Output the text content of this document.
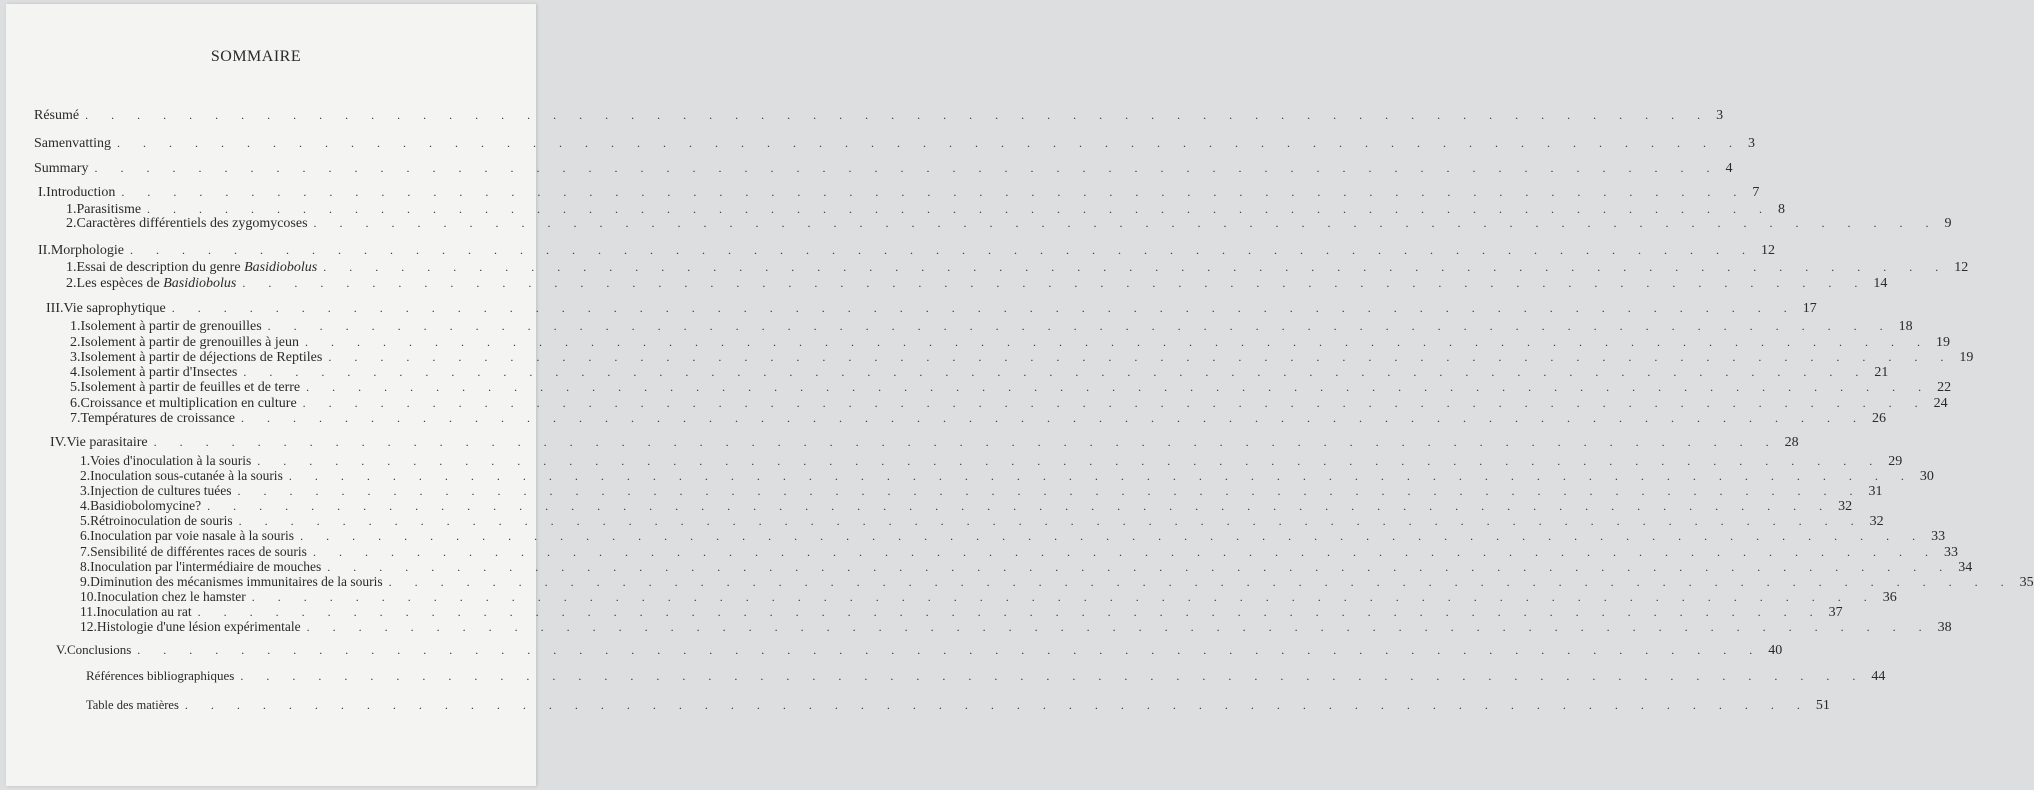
SOMMAIRE
Résumé . . . . . . . . . . . . . . . . . . . . . . . . . . . . . . . . . . . . . . . . . . . . . . . . . . . . . . . . . . . . . . . 3
Samenvatting . . . . . . . . . . . . . . . . . . . . . . . . . . . . . . . . . . . . . . . . . . . . . . . . . . . . . . . . . . . . . . . 3
Summary . . . . . . . . . . . . . . . . . . . . . . . . . . . . . . . . . . . . . . . . . . . . . . . . . . . . . . . . . . . . . . . 4
I. Introduction . . . . . . . . . . . . . . . . . . . . . . . . . . . . . . . . . . . . . . . . . . . . . . . . . . . . . . . . . . . . . . . 7
1. Parasitisme . . . . . . . . . . . . . . . . . . . . . . . . . . . . . . . . . . . . . . . . . . . . . . . . . . . . . . . . . . . . . . . 8
2. Caractères différentiels des zygomycoses . . . . . . . . . . . . . . . . . . . . . . . . . . . . . . . . . . . . . . . . . . . . . . . . . . . . . . . . . . . . . . . 9
II. Morphologie . . . . . . . . . . . . . . . . . . . . . . . . . . . . . . . . . . . . . . . . . . . . . . . . . . . . . . . . . . . . . . . 12
1. Essai de description du genre Basidiobolus . . . . . . . . . . . . . . . . . . . . . . . . . . . . . . . . . . . . . . . . . . . . . . . . . . . . . . . . . . . . . . . 12
2. Les espèces de Basidiobolus . . . . . . . . . . . . . . . . . . . . . . . . . . . . . . . . . . . . . . . . . . . . . . . . . . . . . . . . . . . . . . . 14
III. Vie saprophytique . . . . . . . . . . . . . . . . . . . . . . . . . . . . . . . . . . . . . . . . . . . . . . . . . . . . . . . . . . . . . . . 17
1. Isolement à partir de grenouilles . . . . . . . . . . . . . . . . . . . . . . . . . . . . . . . . . . . . . . . . . . . . . . . . . . . . . . . . . . . . . . . 18
2. Isolement à partir de grenouilles à jeun . . . . . . . . . . . . . . . . . . . . . . . . . . . . . . . . . . . . . . . . . . . . . . . . . . . . . . . . . . . . . . . 19
3. Isolement à partir de déjections de Reptiles . . . . . . . . . . . . . . . . . . . . . . . . . . . . . . . . . . . . . . . . . . . . . . . . . . . . . . . . . . . . . . . 19
4. Isolement à partir d'Insectes . . . . . . . . . . . . . . . . . . . . . . . . . . . . . . . . . . . . . . . . . . . . . . . . . . . . . . . . . . . . . . . 21
5. Isolement à partir de feuilles et de terre . . . . . . . . . . . . . . . . . . . . . . . . . . . . . . . . . . . . . . . . . . . . . . . . . . . . . . . . . . . . . . . 22
6. Croissance et multiplication en culture . . . . . . . . . . . . . . . . . . . . . . . . . . . . . . . . . . . . . . . . . . . . . . . . . . . . . . . . . . . . . . . 24
7. Températures de croissance . . . . . . . . . . . . . . . . . . . . . . . . . . . . . . . . . . . . . . . . . . . . . . . . . . . . . . . . . . . . . . . 26
IV. Vie parasitaire . . . . . . . . . . . . . . . . . . . . . . . . . . . . . . . . . . . . . . . . . . . . . . . . . . . . . . . . . . . . . . . 28
1. Voies d'inoculation à la souris . . . . . . . . . . . . . . . . . . . . . . . . . . . . . . . . . . . . . . . . . . . . . . . . . . . . . . . . . . . . . . . 29
2. Inoculation sous-cutanée à la souris . . . . . . . . . . . . . . . . . . . . . . . . . . . . . . . . . . . . . . . . . . . . . . . . . . . . . . . . . . . . . . . 30
3. Injection de cultures tuées . . . . . . . . . . . . . . . . . . . . . . . . . . . . . . . . . . . . . . . . . . . . . . . . . . . . . . . . . . . . . . . 31
4. Basidiobolomycine? . . . . . . . . . . . . . . . . . . . . . . . . . . . . . . . . . . . . . . . . . . . . . . . . . . . . . . . . . . . . . . . 32
5. Rétroinoculation de souris . . . . . . . . . . . . . . . . . . . . . . . . . . . . . . . . . . . . . . . . . . . . . . . . . . . . . . . . . . . . . . . 32
6. Inoculation par voie nasale à la souris . . . . . . . . . . . . . . . . . . . . . . . . . . . . . . . . . . . . . . . . . . . . . . . . . . . . . . . . . . . . . . . 33
7. Sensibilité de différentes races de souris . . . . . . . . . . . . . . . . . . . . . . . . . . . . . . . . . . . . . . . . . . . . . . . . . . . . . . . . . . . . . . . 33
8. Inoculation par l'intermédiaire de mouches . . . . . . . . . . . . . . . . . . . . . . . . . . . . . . . . . . . . . . . . . . . . . . . . . . . . . . . . . . . . . . . 34
9. Diminution des mécanismes immunitaires de la souris . . . . . . . . . . . . . . . . . . . . . . . . . . . . . . . . . . . . . . . . . . . . . . . . . . . . . . . . . . . . . . . 35
10. Inoculation chez le hamster . . . . . . . . . . . . . . . . . . . . . . . . . . . . . . . . . . . . . . . . . . . . . . . . . . . . . . . . . . . . . . . 36
11. Inoculation au rat . . . . . . . . . . . . . . . . . . . . . . . . . . . . . . . . . . . . . . . . . . . . . . . . . . . . . . . . . . . . . . . 37
12. Histologie d'une lésion expérimentale . . . . . . . . . . . . . . . . . . . . . . . . . . . . . . . . . . . . . . . . . . . . . . . . . . . . . . . . . . . . . . . 38
V. Conclusions . . . . . . . . . . . . . . . . . . . . . . . . . . . . . . . . . . . . . . . . . . . . . . . . . . . . . . . . . . . . . . . 40
Références bibliographiques . . . . . . . . . . . . . . . . . . . . . . . . . . . . . . . . . . . . . . . . . . . . . . . . . . . . . . . . . . . . . . . 44
Table des matières . . . . . . . . . . . . . . . . . . . . . . . . . . . . . . . . . . . . . . . . . . . . . . . . . . . . . . . . . . . . . . . 51
